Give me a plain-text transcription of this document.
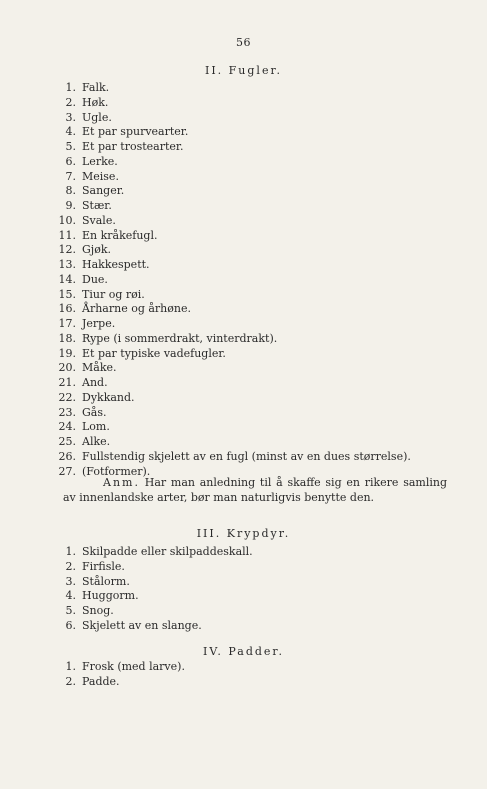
56
II. Fugler.
1. Falk.
2. Høk.
3. Ugle.
4. Et par spurvearter.
5. Et par trostearter.
6. Lerke.
7. Meise.
8. Sanger.
9. Stær.
10. Svale.
11. En kråkefugl.
12. Gjøk.
13. Hakkespett.
14. Due.
15. Tiur og røi.
16. Årharne og århøne.
17. Jerpe.
18. Rype (i sommerdrakt, vinterdrakt).
19. Et par typiske vadefugler.
20. Måke.
21. And.
22. Dykkand.
23. Gås.
24. Lom.
25. Alke.
26. Fullstendig skjelett av en fugl (minst av en dues størrelse).
27. (Fotformer).

Anm. Har man anledning til å skaffe sig en rikere samling av innenlandske arter, bør man naturligvis benytte den.

III. Krypdyr.
1. Skilpadde eller skilpaddeskall.
2. Firfisle.
3. Stålorm.
4. Huggorm.
5. Snog.
6. Skjelett av en slange.
IV. Padder.
1. Frosk (med larve).
2. Padde.
